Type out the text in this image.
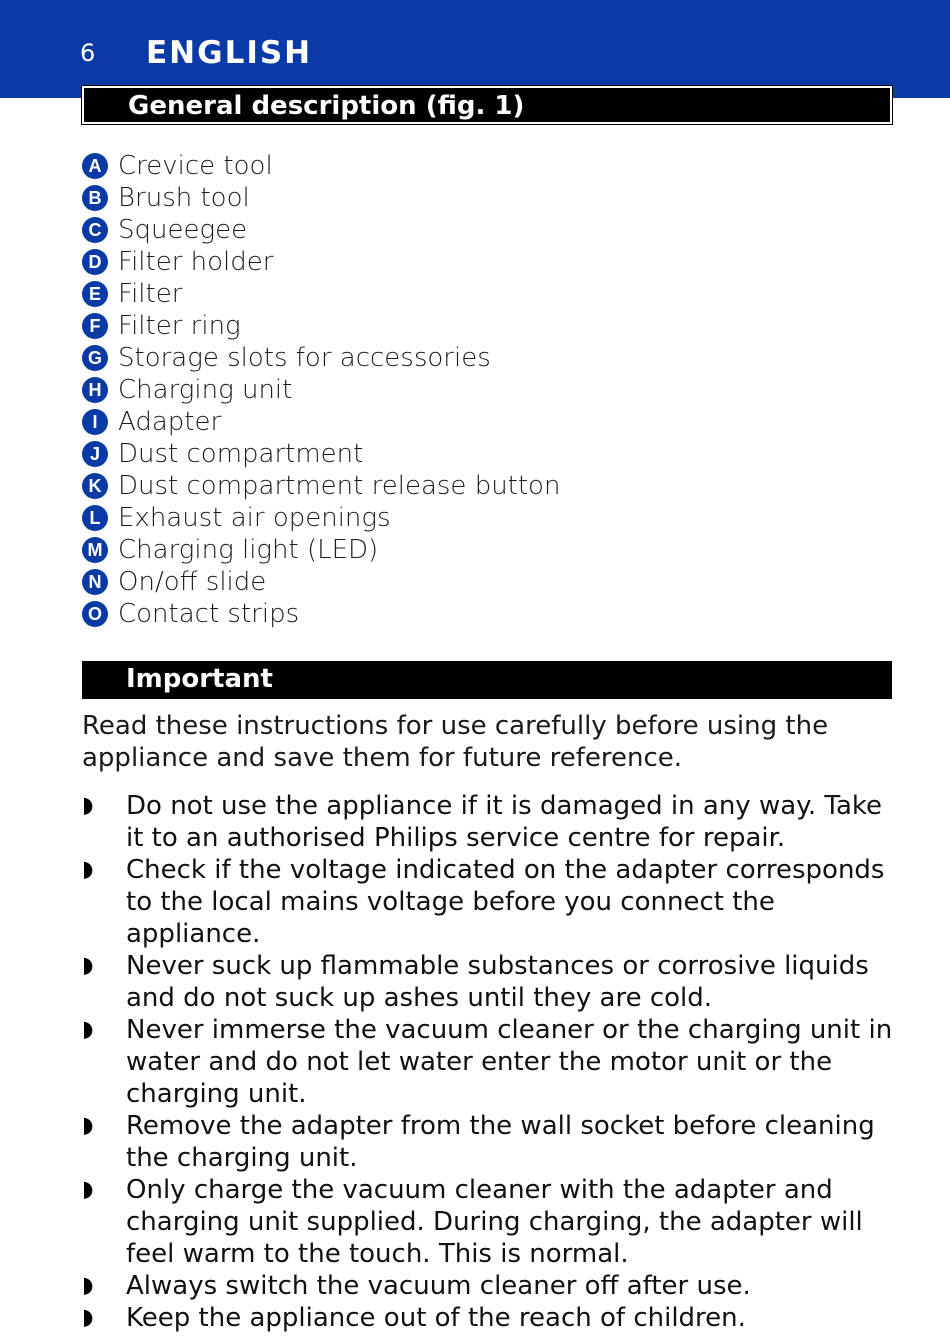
6 ENGLISH
General description (fig. 1)
A Crevice tool
B Brush tool
C Squeegee
D Filter holder
E Filter
F Filter ring
G Storage slots for accessories
H Charging unit
I Adapter
J Dust compartment
K Dust compartment release button
L Exhaust air openings
M Charging light (LED)
N On/off slide
O Contact strips
Important

Read these instructions for use carefully before using the appliance and save them for future reference.

◗	Do not use the appliance if it is damaged in any way. Take it to an authorised Philips service centre for repair.
◗	Check if the voltage indicated on the adapter corresponds to the local mains voltage before you connect the appliance.
◗	Never suck up flammable substances or corrosive liquids and do not suck up ashes until they are cold.
◗	Never immerse the vacuum cleaner or the charging unit in water and do not let water enter the motor unit or the charging unit.
◗	Remove the adapter from the wall socket before cleaning the charging unit.
◗	Only charge the vacuum cleaner with the adapter and charging unit supplied. During charging, the adapter will feel warm to the touch. This is normal.
◗	Always switch the vacuum cleaner off after use.
◗	Keep the appliance out of the reach of children.
